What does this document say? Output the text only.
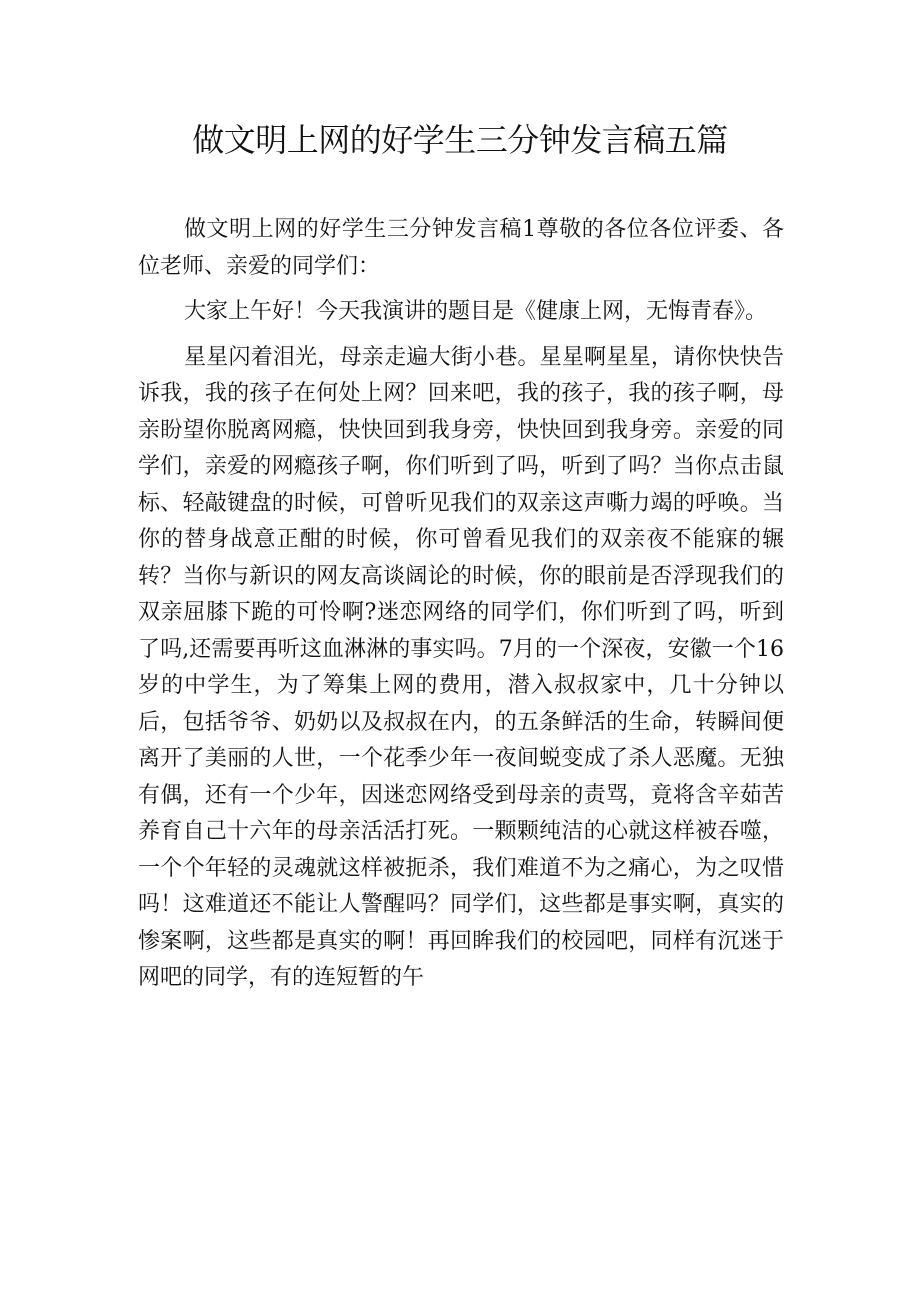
做文明上网的好学生三分钟发言稿五篇

做文明上网的好学生三分钟发言稿1尊敬的各位各位评委、各位老师、亲爱的同学们：

大家上午好！今天我演讲的题目是《健康上网，无悔青春》。

星星闪着泪光，母亲走遍大街小巷。星星啊星星，请你快快告诉我，我的孩子在何处上网？回来吧，我的孩子，我的孩子啊，母亲盼望你脱离网瘾，快快回到我身旁，快快回到我身旁。亲爱的同学们，亲爱的网瘾孩子啊，你们听到了吗，听到了吗？当你点击鼠标、轻敲键盘的时候，可曾听见我们的双亲这声嘶力竭的呼唤。当你的替身战意正酣的时候，你可曾看见我们的双亲夜不能寐的辗转？当你与新识的网友高谈阔论的时候，你的眼前是否浮现我们的双亲屈膝下跪的可怜啊?迷恋网络的同学们，你们听到了吗，听到了吗,还需要再听这血淋淋的事实吗。7月的一个深夜，安徽一个16岁的中学生，为了筹集上网的费用，潜入叔叔家中，几十分钟以后，包括爷爷、奶奶以及叔叔在内，的五条鲜活的生命，转瞬间便离开了美丽的人世，一个花季少年一夜间蜕变成了杀人恶魔。无独有偶，还有一个少年，因迷恋网络受到母亲的责骂，竟将含辛茹苦养育自己十六年的母亲活活打死。一颗颗纯洁的心就这样被吞噬，一个个年轻的灵魂就这样被扼杀，我们难道不为之痛心，为之叹惜吗！这难道还不能让人警醒吗？同学们，这些都是事实啊，真实的惨案啊，这些都是真实的啊！再回眸我们的校园吧，同样有沉迷于网吧的同学，有的连短暂的午
